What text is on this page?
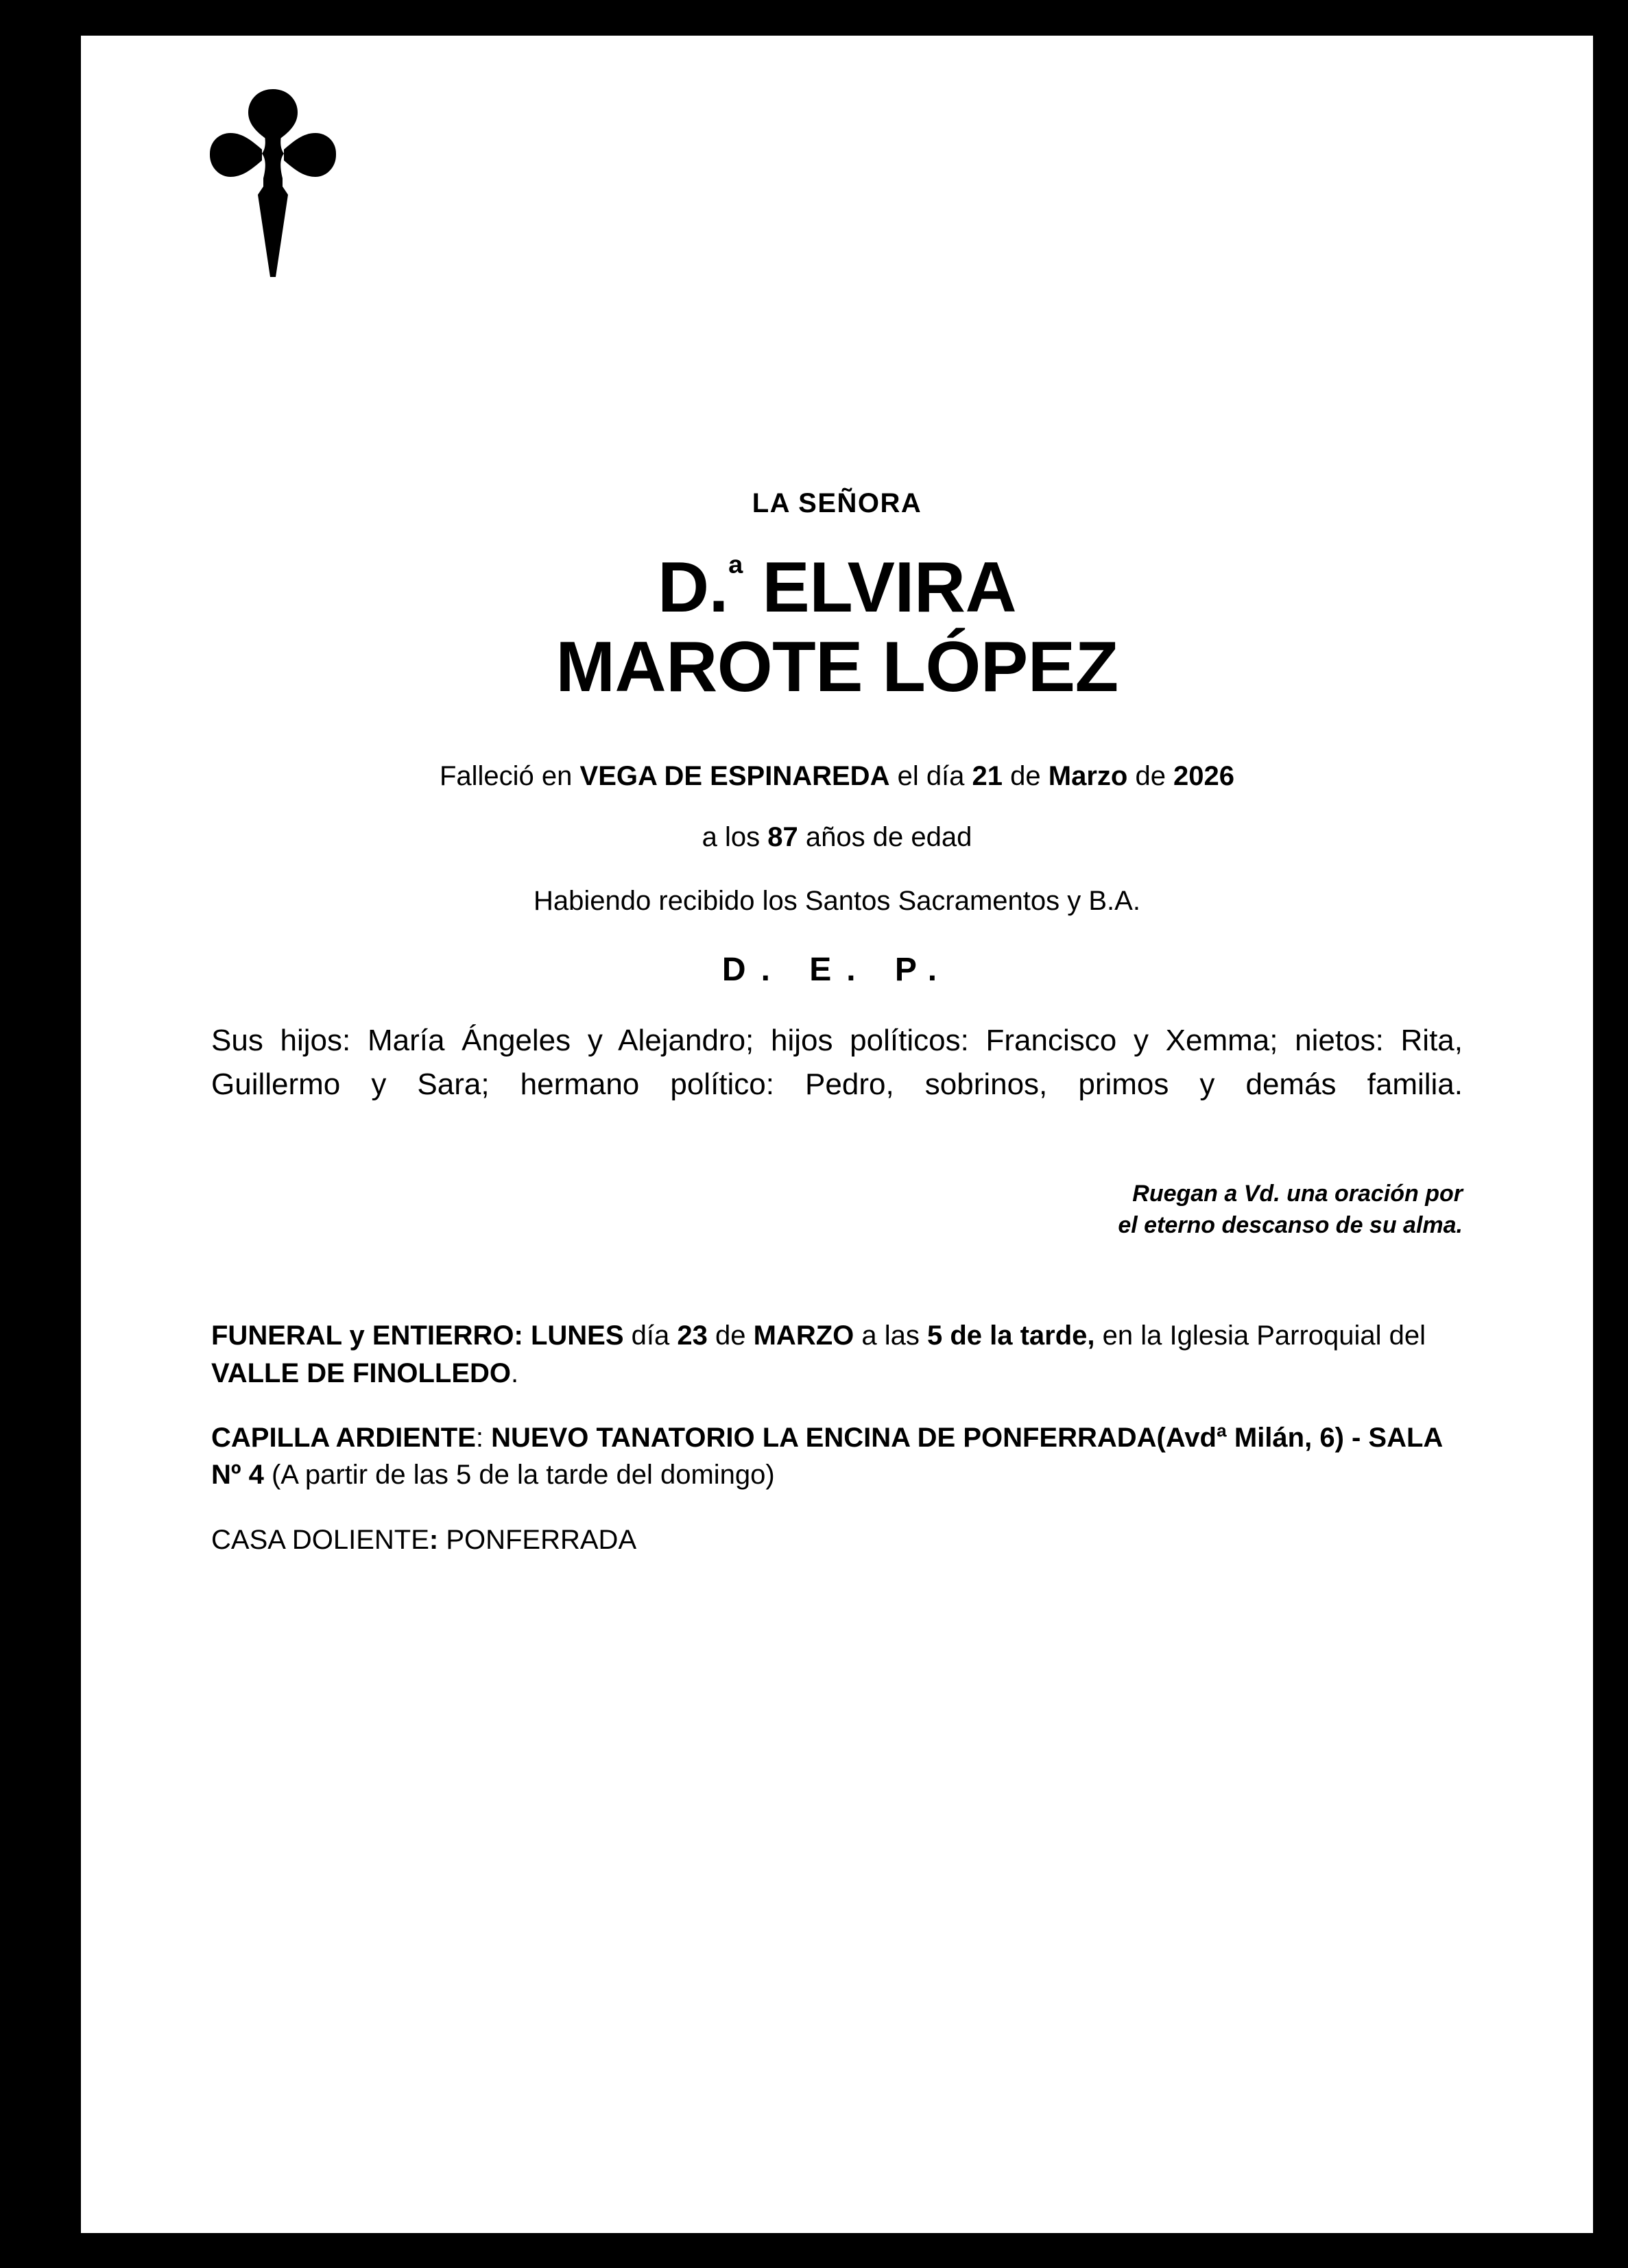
LA SEÑORA

D.$^ª$ ELVIRA
MAROTE LÓPEZ

Falleció en VEGA DE ESPINAREDA el día 21 de Marzo de 2026

a los 87 años de edad

Habiendo recibido los Santos Sacramentos y B.A.

D. E. P.

Sus hijos: María Ángeles y Alejandro; hijos políticos: Francisco y Xemma; nietos: Rita, Guillermo y Sara; hermano político: Pedro, sobrinos, primos y demás familia.

Ruegan a Vd. una oración por
el eterno descanso de su alma.

FUNERAL y ENTIERRO: LUNES día 23 de MARZO a las 5 de la tarde, en la Iglesia Parroquial del VALLE DE FINOLLEDO.

CAPILLA ARDIENTE: NUEVO TANATORIO LA ENCINA DE PONFERRADA(Avdª Milán, 6) - SALA Nº 4 (A partir de las 5 de la tarde del domingo)

CASA DOLIENTE: PONFERRADA
